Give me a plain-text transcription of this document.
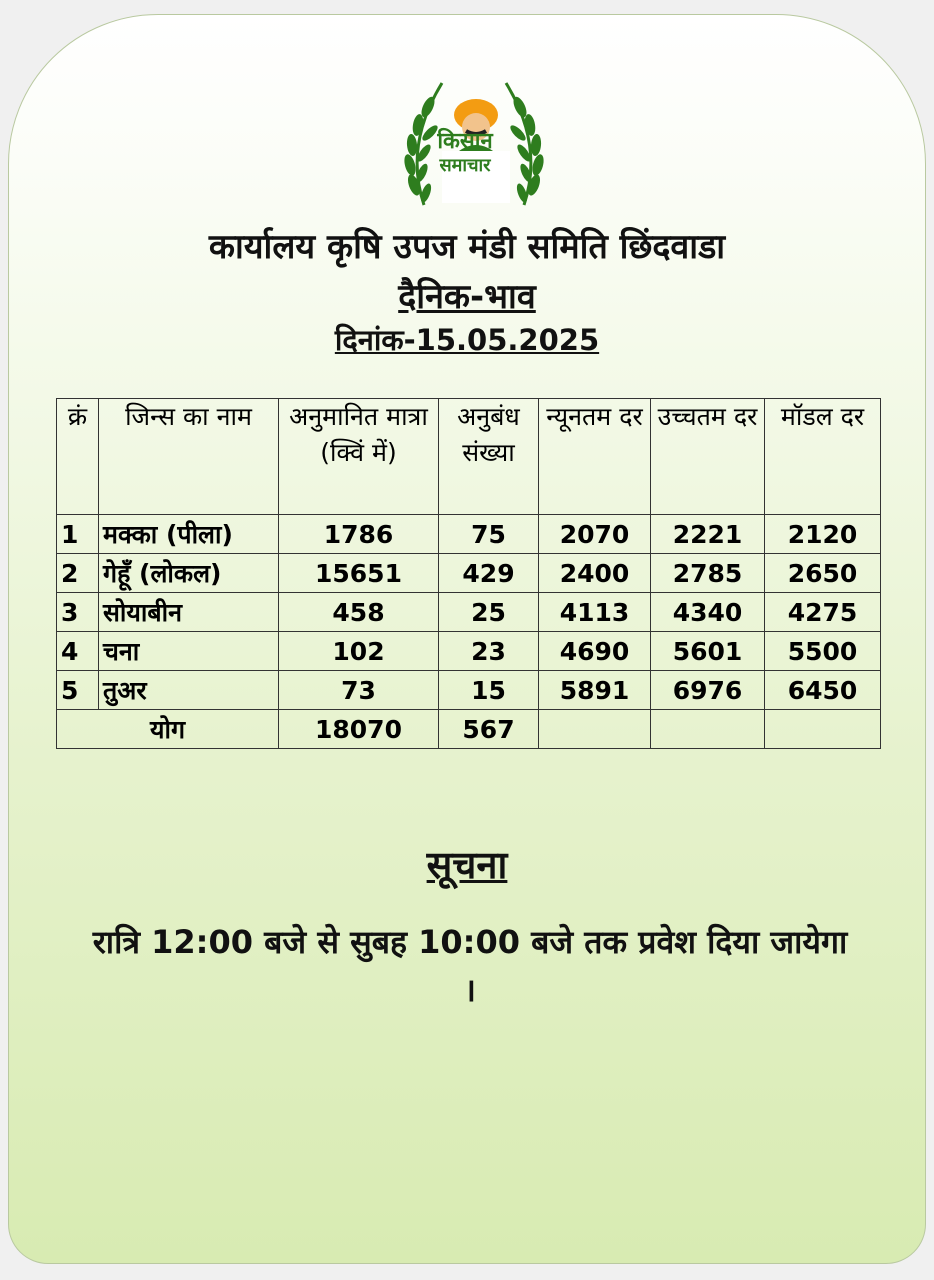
किसान
समाचार
कार्यालय कृषि उपज मंडी समिति छिंदवाडा
दैनिक-भाव
दिनांक-15.05.2025
क्रं	जिन्स का नाम	अनुमानित मात्रा (क्विं में)	अनुबंध संख्या	न्यूनतम दर	उच्चतम दर	मॉडल दर
1	मक्का (पीला)	1786	75	2070	2221	2120
2	गेहूँ (लोकल)	15651	429	2400	2785	2650
3	सोयाबीन	458	25	4113	4340	4275
4	चना	102	23	4690	5601	5500
5	तुअर	73	15	5891	6976	6450
योग		18070	567			
सूचना
रात्रि 12:00 बजे से सुबह 10:00 बजे तक प्रवेश दिया जायेगा ।
